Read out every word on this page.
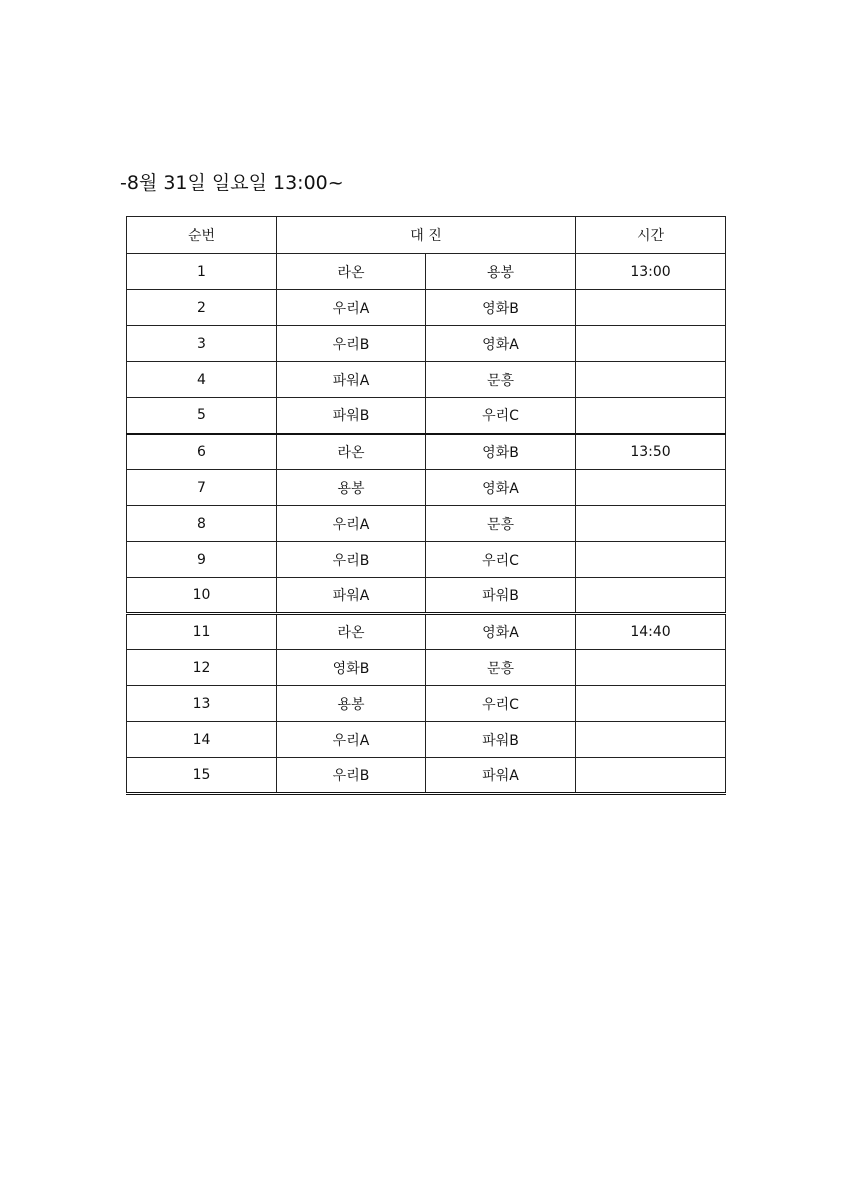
-8월 31일 일요일 13:00~
순번	대 진		시간
1	라온	용봉	13:00
2	우리A	영화B	
3	우리B	영화A	
4	파워A	문흥	
5	파워B	우리C	
6	라온	영화B	13:50
7	용봉	영화A	
8	우리A	문흥	
9	우리B	우리C	
10	파워A	파워B	
11	라온	영화A	14:40
12	영화B	문흥	
13	용봉	우리C	
14	우리A	파워B	
15	우리B	파워A	
